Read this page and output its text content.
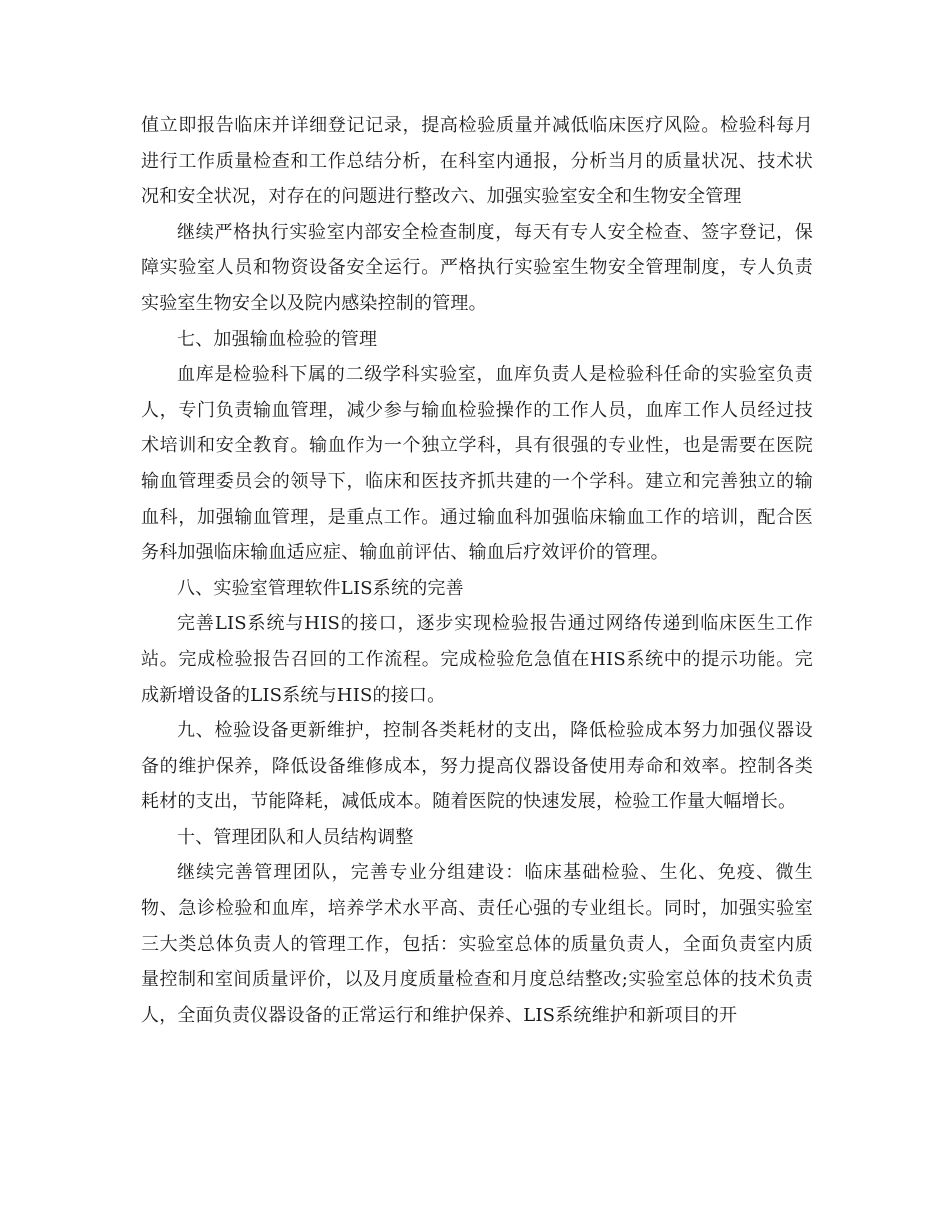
值立即报告临床并详细登记记录，提高检验质量并减低临床医疗风险。检验科每月进行工作质量检查和工作总结分析，在科室内通报，分析当月的质量状况、技术状况和安全状况，对存在的问题进行整改六、加强实验室安全和生物安全管理

继续严格执行实验室内部安全检查制度，每天有专人安全检查、签字登记，保障实验室人员和物资设备安全运行。严格执行实验室生物安全管理制度，专人负责实验室生物安全以及院内感染控制的管理。

七、加强输血检验的管理

血库是检验科下属的二级学科实验室，血库负责人是检验科任命的实验室负责人，专门负责输血管理，减少参与输血检验操作的工作人员，血库工作人员经过技术培训和安全教育。输血作为一个独立学科，具有很强的专业性，也是需要在医院输血管理委员会的领导下，临床和医技齐抓共建的一个学科。建立和完善独立的输血科，加强输血管理，是重点工作。通过输血科加强临床输血工作的培训，配合医务科加强临床输血适应症、输血前评估、输血后疗效评价的管理。

八、实验室管理软件LIS系统的完善

完善LIS系统与HIS的接口，逐步实现检验报告通过网络传递到临床医生工作站。完成检验报告召回的工作流程。完成检验危急值在HIS系统中的提示功能。完成新增设备的LIS系统与HIS的接口。

九、检验设备更新维护，控制各类耗材的支出，降低检验成本努力加强仪器设备的维护保养，降低设备维修成本，努力提高仪器设备使用寿命和效率。控制各类耗材的支出，节能降耗，减低成本。随着医院的快速发展，检验工作量大幅增长。

十、管理团队和人员结构调整

继续完善管理团队，完善专业分组建设：临床基础检验、生化、免疫、微生物、急诊检验和血库，培养学术水平高、责任心强的专业组长。同时，加强实验室三大类总体负责人的管理工作，包括：实验室总体的质量负责人，全面负责室内质量控制和室间质量评价，以及月度质量检查和月度总结整改;实验室总体的技术负责人，全面负责仪器设备的正常运行和维护保养、LIS系统维护和新项目的开
